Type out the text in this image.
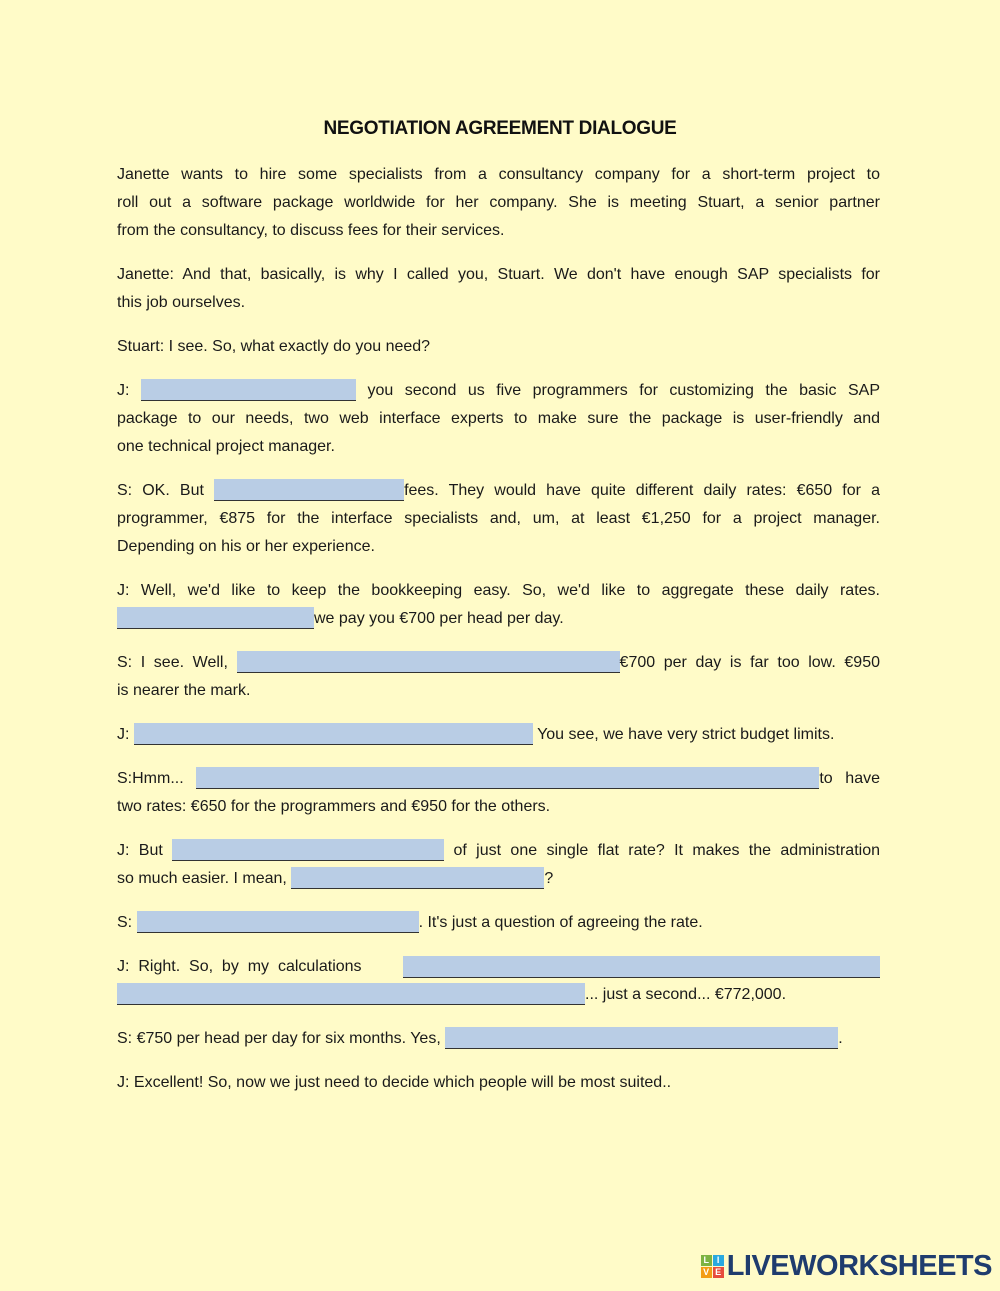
NEGOTIATION AGREEMENT DIALOGUE
Janette wants to hire some specialists from a consultancy company for a short-term project to
roll out a software package worldwide for her company. She is meeting Stuart, a senior partner
from the consultancy, to discuss fees for their services.
Janette: And that, basically, is why I called you, Stuart. We don't have enough SAP specialists for
this job ourselves.
Stuart: I see. So, what exactly do you need?
J:	you second us five programmers for customizing the basic SAP
package to our needs, two web interface experts to make sure the package is user-friendly and
one technical project manager.
S: OK. But	fees. They would have quite different daily rates: €650 for a
programmer, €875 for the interface specialists and, um, at least €1,250 for a project manager.
Depending on his or her experience.
J: Well, we'd like to keep the bookkeeping easy. So, we'd like to aggregate these daily rates.
we pay you €700 per head per day.
S: I see. Well,	€700 per day is far too low. €950
is nearer the mark.
J:	You see, we have very strict budget limits.
S:Hmm...	to have
two rates: €650 for the programmers and €950 for the others.
J: But	of just one single flat rate? It makes the administration
so much easier. I mean,	?
S:	. It's just a question of agreeing the rate.
J:  Right.  So,  by  my  calculations
... just a second... €772,000.
S: €750 per head per day for six months. Yes,	.
J: Excellent! So, now we just need to decide which people will be most suited..
L I
V E LIVEWORKSHEETS
